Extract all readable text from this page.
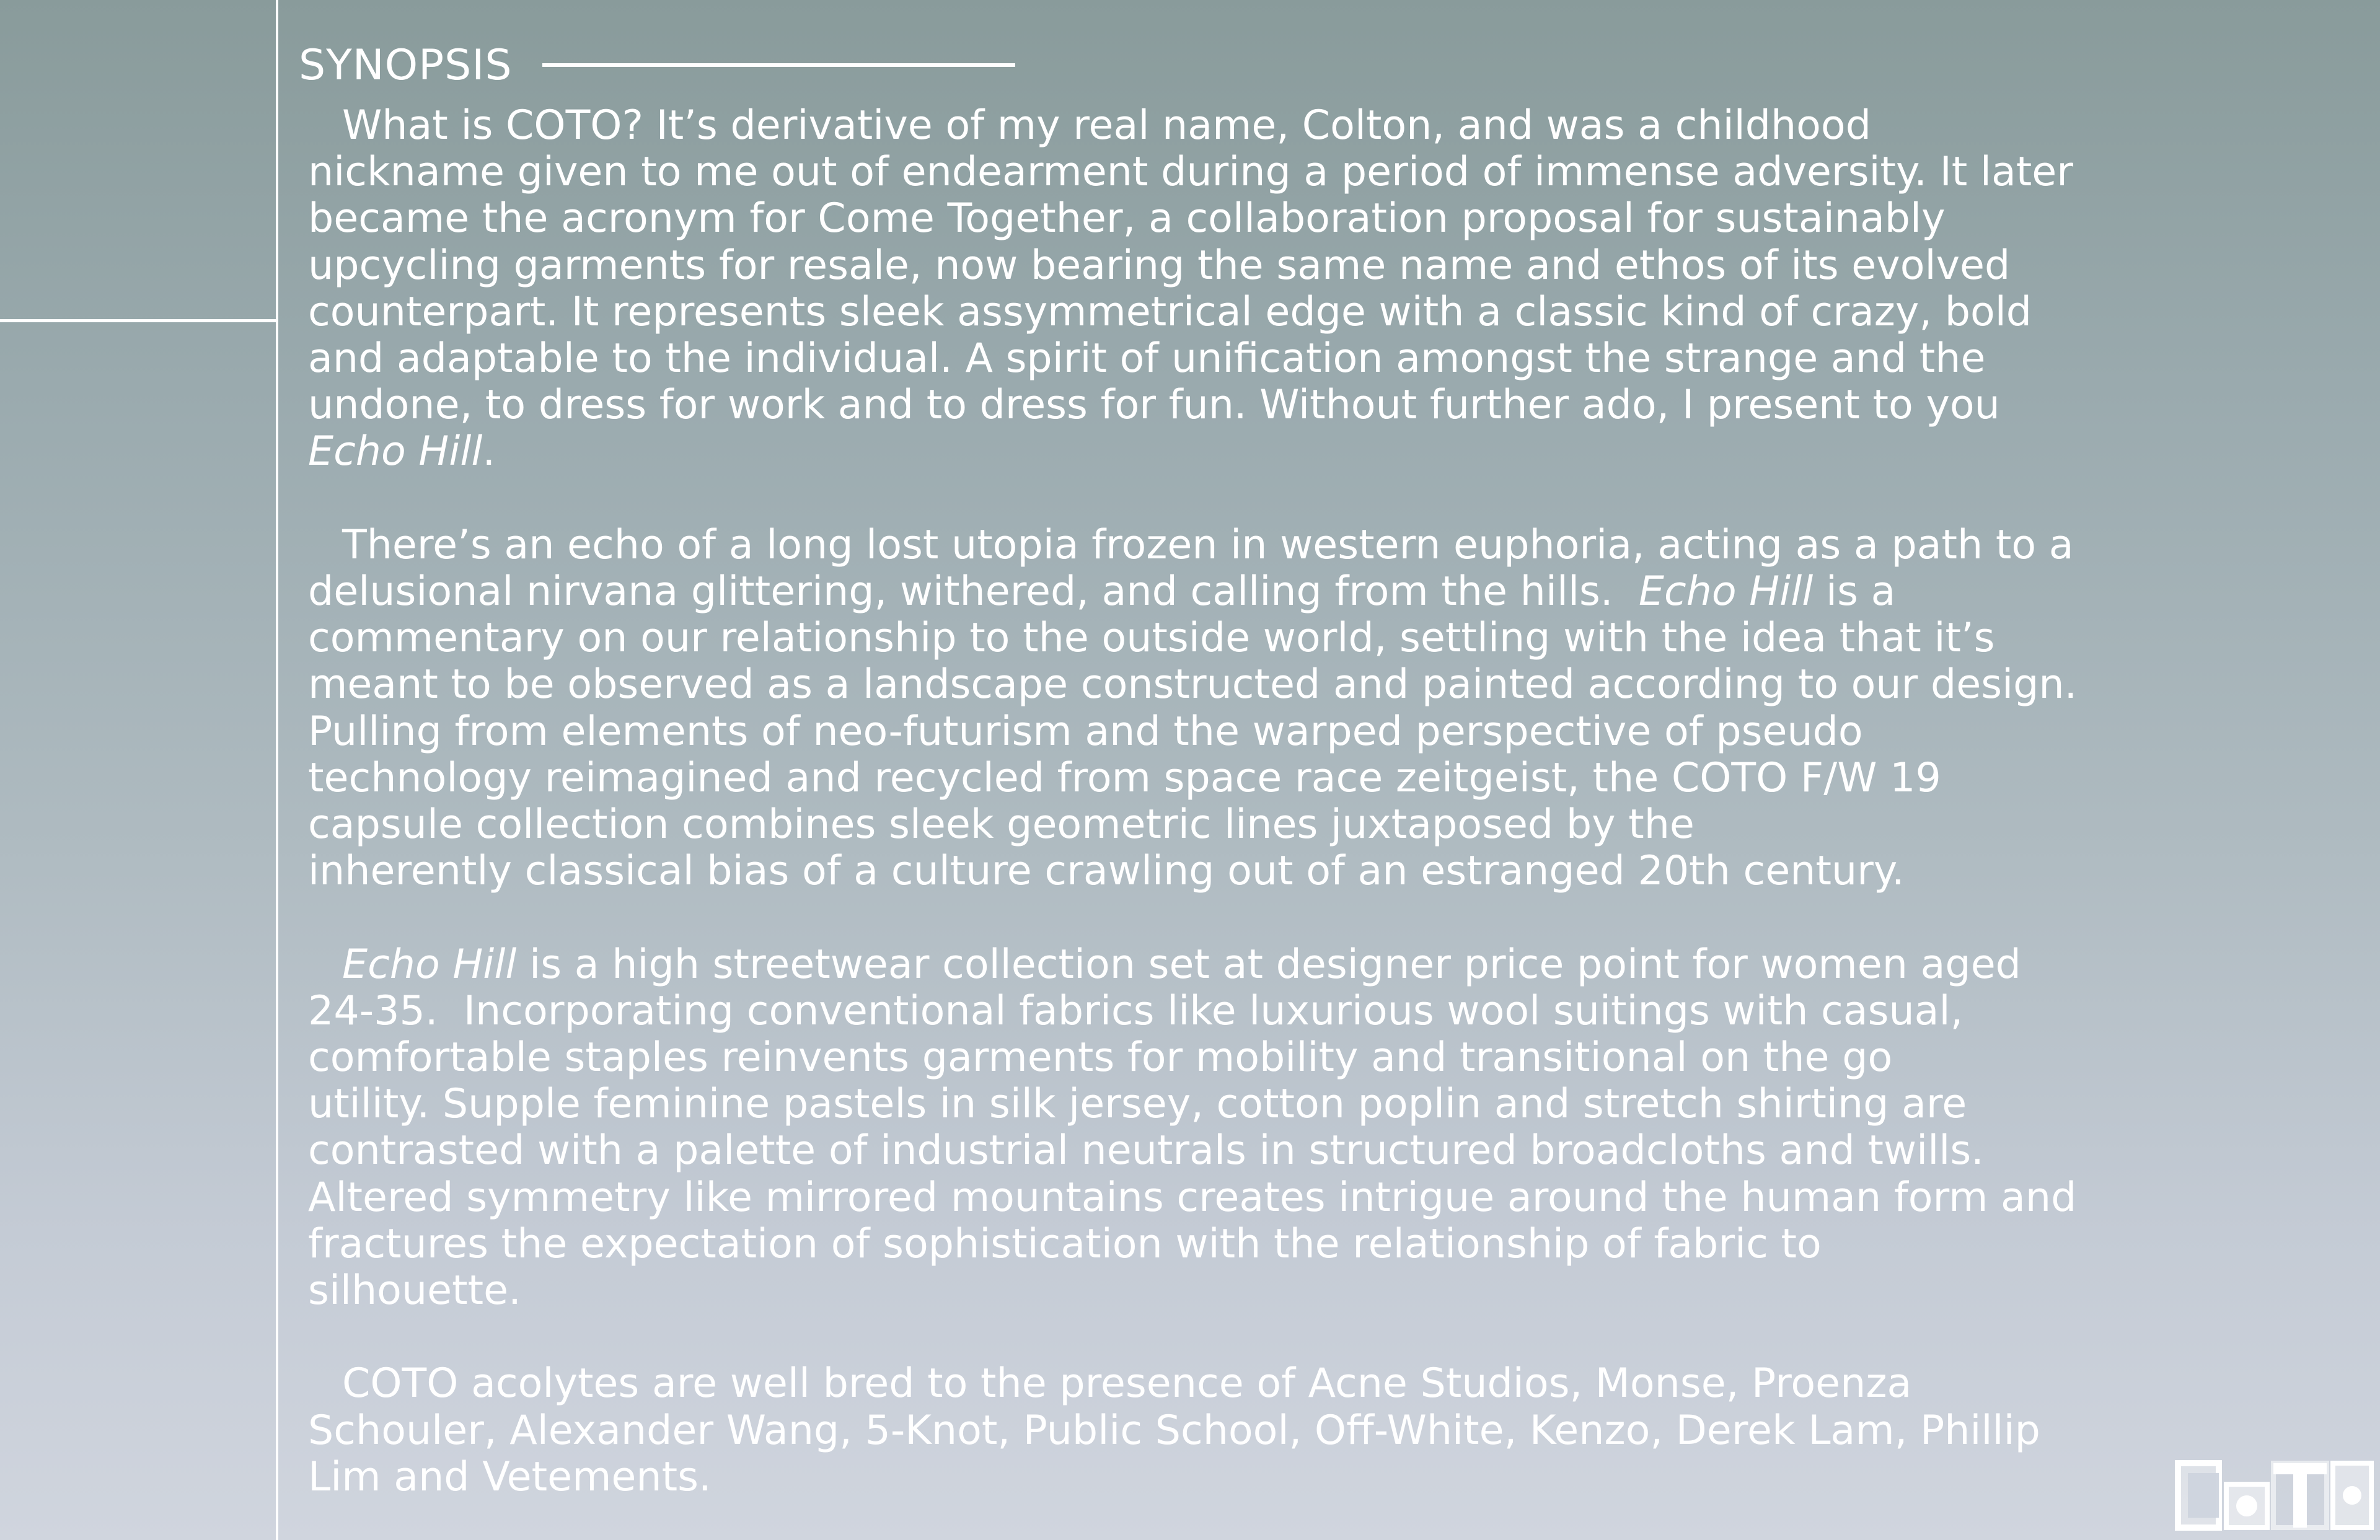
SYNOPSIS

What is COTO? It’s derivative of my real name, Colton, and was a childhood
nickname given to me out of endearment during a period of immense adversity. It later
became the acronym for Come Together, a collaboration proposal for sustainably
upcycling garments for resale, now bearing the same name and ethos of its evolved
counterpart. It represents sleek assymmetrical edge with a classic kind of crazy, bold
and adaptable to the individual. A spirit of unification amongst the strange and the
undone, to dress for work and to dress for fun. Without further ado, I present to you
Echo Hill.

There’s an echo of a long lost utopia frozen in western euphoria, acting as a path to a
delusional nirvana glittering, withered, and calling from the hills.  Echo Hill is a
commentary on our relationship to the outside world, settling with the idea that it’s
meant to be observed as a landscape constructed and painted according to our design.
Pulling from elements of neo-futurism and the warped perspective of pseudo
technology reimagined and recycled from space race zeitgeist, the COTO F/W 19
capsule collection combines sleek geometric lines juxtaposed by the
inherently classical bias of a culture crawling out of an estranged 20th century.

Echo Hill is a high streetwear collection set at designer price point for women aged
24-35.  Incorporating conventional fabrics like luxurious wool suitings with casual,
comfortable staples reinvents garments for mobility and transitional on the go
utility. Supple feminine pastels in silk jersey, cotton poplin and stretch shirting are
contrasted with a palette of industrial neutrals in structured broadcloths and twills.
Altered symmetry like mirrored mountains creates intrigue around the human form and
fractures the expectation of sophistication with the relationship of fabric to
silhouette.

COTO acolytes are well bred to the presence of Acne Studios, Monse, Proenza
Schouler, Alexander Wang, 5-Knot, Public School, Off-White, Kenzo, Derek Lam, Phillip
Lim and Vetements.
